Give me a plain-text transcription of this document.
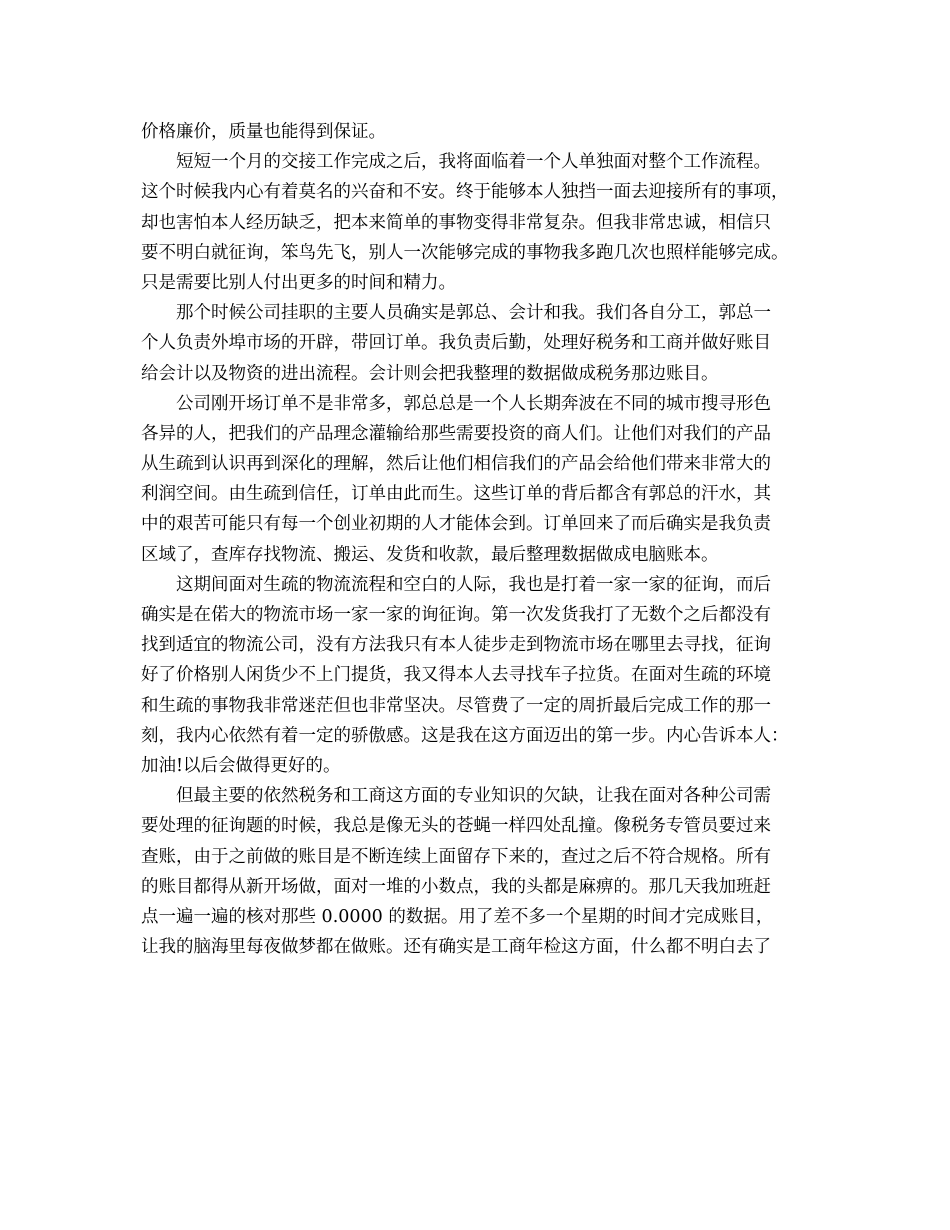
价格廉价，质量也能得到保证。
短短一个月的交接工作完成之后，我将面临着一个人单独面对整个工作流程。
这个时候我内心有着莫名的兴奋和不安。终于能够本人独挡一面去迎接所有的事项，
却也害怕本人经历缺乏，把本来简单的事物变得非常复杂。但我非常忠诚，相信只
要不明白就征询，笨鸟先飞，别人一次能够完成的事物我多跑几次也照样能够完成。
只是需要比别人付出更多的时间和精力。
那个时候公司挂职的主要人员确实是郭总、会计和我。我们各自分工，郭总一
个人负责外埠市场的开辟，带回订单。我负责后勤，处理好税务和工商并做好账目
给会计以及物资的进出流程。会计则会把我整理的数据做成税务那边账目。
公司刚开场订单不是非常多，郭总总是一个人长期奔波在不同的城市搜寻形色
各异的人，把我们的产品理念灌输给那些需要投资的商人们。让他们对我们的产品
从生疏到认识再到深化的理解，然后让他们相信我们的产品会给他们带来非常大的
利润空间。由生疏到信任，订单由此而生。这些订单的背后都含有郭总的汗水，其
中的艰苦可能只有每一个创业初期的人才能体会到。订单回来了而后确实是我负责
区域了，查库存找物流、搬运、发货和收款，最后整理数据做成电脑账本。
这期间面对生疏的物流流程和空白的人际，我也是打着一家一家的征询，而后
确实是在偌大的物流市场一家一家的询征询。第一次发货我打了无数个之后都没有
找到适宜的物流公司，没有方法我只有本人徒步走到物流市场在哪里去寻找，征询
好了价格别人闲货少不上门提货，我又得本人去寻找车子拉货。在面对生疏的环境
和生疏的事物我非常迷茫但也非常坚决。尽管费了一定的周折最后完成工作的那一
刻，我内心依然有着一定的骄傲感。这是我在这方面迈出的第一步。内心告诉本人：
加油!以后会做得更好的。
但最主要的依然税务和工商这方面的专业知识的欠缺，让我在面对各种公司需
要处理的征询题的时候，我总是像无头的苍蝇一样四处乱撞。像税务专管员要过来
查账，由于之前做的账目是不断连续上面留存下来的，查过之后不符合规格。所有
的账目都得从新开场做，面对一堆的小数点，我的头都是麻痹的。那几天我加班赶
点一遍一遍的核对那些 0.0000 的数据。用了差不多一个星期的时间才完成账目，
让我的脑海里每夜做梦都在做账。还有确实是工商年检这方面，什么都不明白去了
